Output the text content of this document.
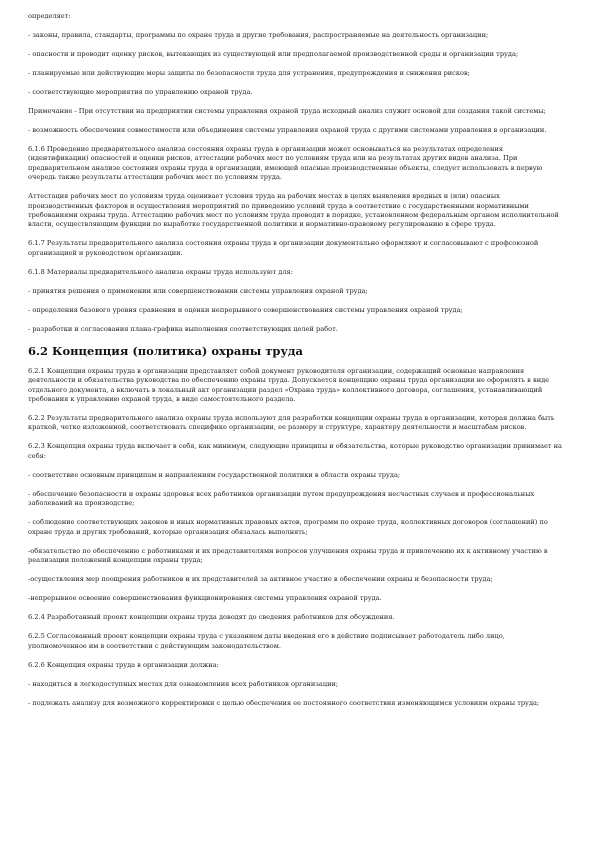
определяет:

- законы, правила, стандарты, программы по охране труда и другие требования, распространяемые на деятельность организации;

- опасности и проводит оценку рисков, вытекающих из существующей или предполагаемой производственной среды и организации труда;

- планируемые или действующие меры защиты по безопасности труда для устранения, предупреждения и снижения рисков;

- соответствующие мероприятия по управлению охраной труда.

Примечание - При отсутствии на предприятии системы управления охраной труда исходный анализ служит основой для создания такой системы;

- возможность обеспечения совместимости или объединения системы управления охраной труда с другими системами управления в организации.

6.1.6 Проведение предварительного анализа состояния охраны труда в организации может основываться на результатах определения (идентификации) опасностей и оценки рисков, аттестации рабочих мест по условиям труда или на результатах других видов анализа. При предварительном анализе состояния охраны труда в организации, имеющей опасные производственные объекты, следует использовать в первую очередь также результаты аттестации рабочих мест по условиям труда.

Аттестация рабочих мест по условиям труда оценивает условия труда на рабочих местах в целях выявления вредных и (или) опасных производственных факторов и осуществления мероприятий по приведению условий труда в соответствие с государственными нормативными требованиями охраны труда. Аттестацию рабочих мест по условиям труда проводят в порядке, установленном федеральным органом исполнительной власти, осуществляющим функции по выработке государственной политики и нормативно-правовому регулированию в сфере труда.

6.1.7 Результаты предварительного анализа состояния охраны труда в организации документально оформляют и согласовывают с профсоюзной организацией и руководством организации.

6.1.8 Материалы предварительного анализа охраны труда используют для:

- принятия решения о применении или совершенствовании системы управления охраной труда;

- определения базового уровня сравнения и оценки непрерывного совершенствования системы управления охраной труда;

- разработки и согласования плана-графика выполнения соответствующих целей работ.

6.2 Концепция (политика) охраны труда

6.2.1 Концепция охраны труда в организации представляет собой документ руководителя организации, содержащий основные направления деятельности и обязательства руководства по обеспечению охраны труда. Допускается концепцию охраны труда организации не оформлять в виде отдельного документа, а включать в локальный акт организации раздел «Охрана труда» коллективного договора, соглашения, устанавливающий требования к управлению охраной труда, в виде самостоятельного раздела.

6.2.2 Результаты предварительного анализа охраны труда используют для разработки концепции охраны труда в организации, которая должна быть краткой, четко изложенной, соответствовать специфике организации, ее размеру и структуре, характеру деятельности и масштабам рисков.

6.2.3 Концепция охраны труда включает в себя, как минимум, следующие принципы и обязательства, которые руководство организации принимает на себя:

- соответствие основным принципам и направлениям государственной политики в области охраны труда;

- обеспечение безопасности и охраны здоровья всех работников организации путем предупреждения несчастных случаев и профессиональных заболеваний на производстве;

- соблюдение соответствующих законов и иных нормативных правовых актов, программ по охране труда, коллективных договоров (соглашений) по охране труда и других требований, которые организация обязалась выполнять;

-обязательство по обеспечению с работниками и их представителями вопросов улучшения охраны труда и привлечению их к активному участию в реализации положений концепции охраны труда;

-осуществления мер поощрения работников и их представителей за активное участие в обеспечении охраны и безопасности труда;

-непрерывное освоение совершенствования функционирования системы управления охраной труда.

6.2.4 Разработанный проект концепции охраны труда доводят до сведения работников для обсуждения.

6.2.5 Согласованный проект концепции охраны труда с указанием даты введения его в действие подписывает работодатель либо лицо, уполномоченное им в соответствии с действующим законодательством.

6.2.6 Концепция охраны труда в организации должна:

- находиться в легкодоступных местах для ознакомления всех работников организации;

- подлежать анализу для возможного корректировки с целью обеспечения ее постоянного соответствия изменяющимся условиям охраны труда;
